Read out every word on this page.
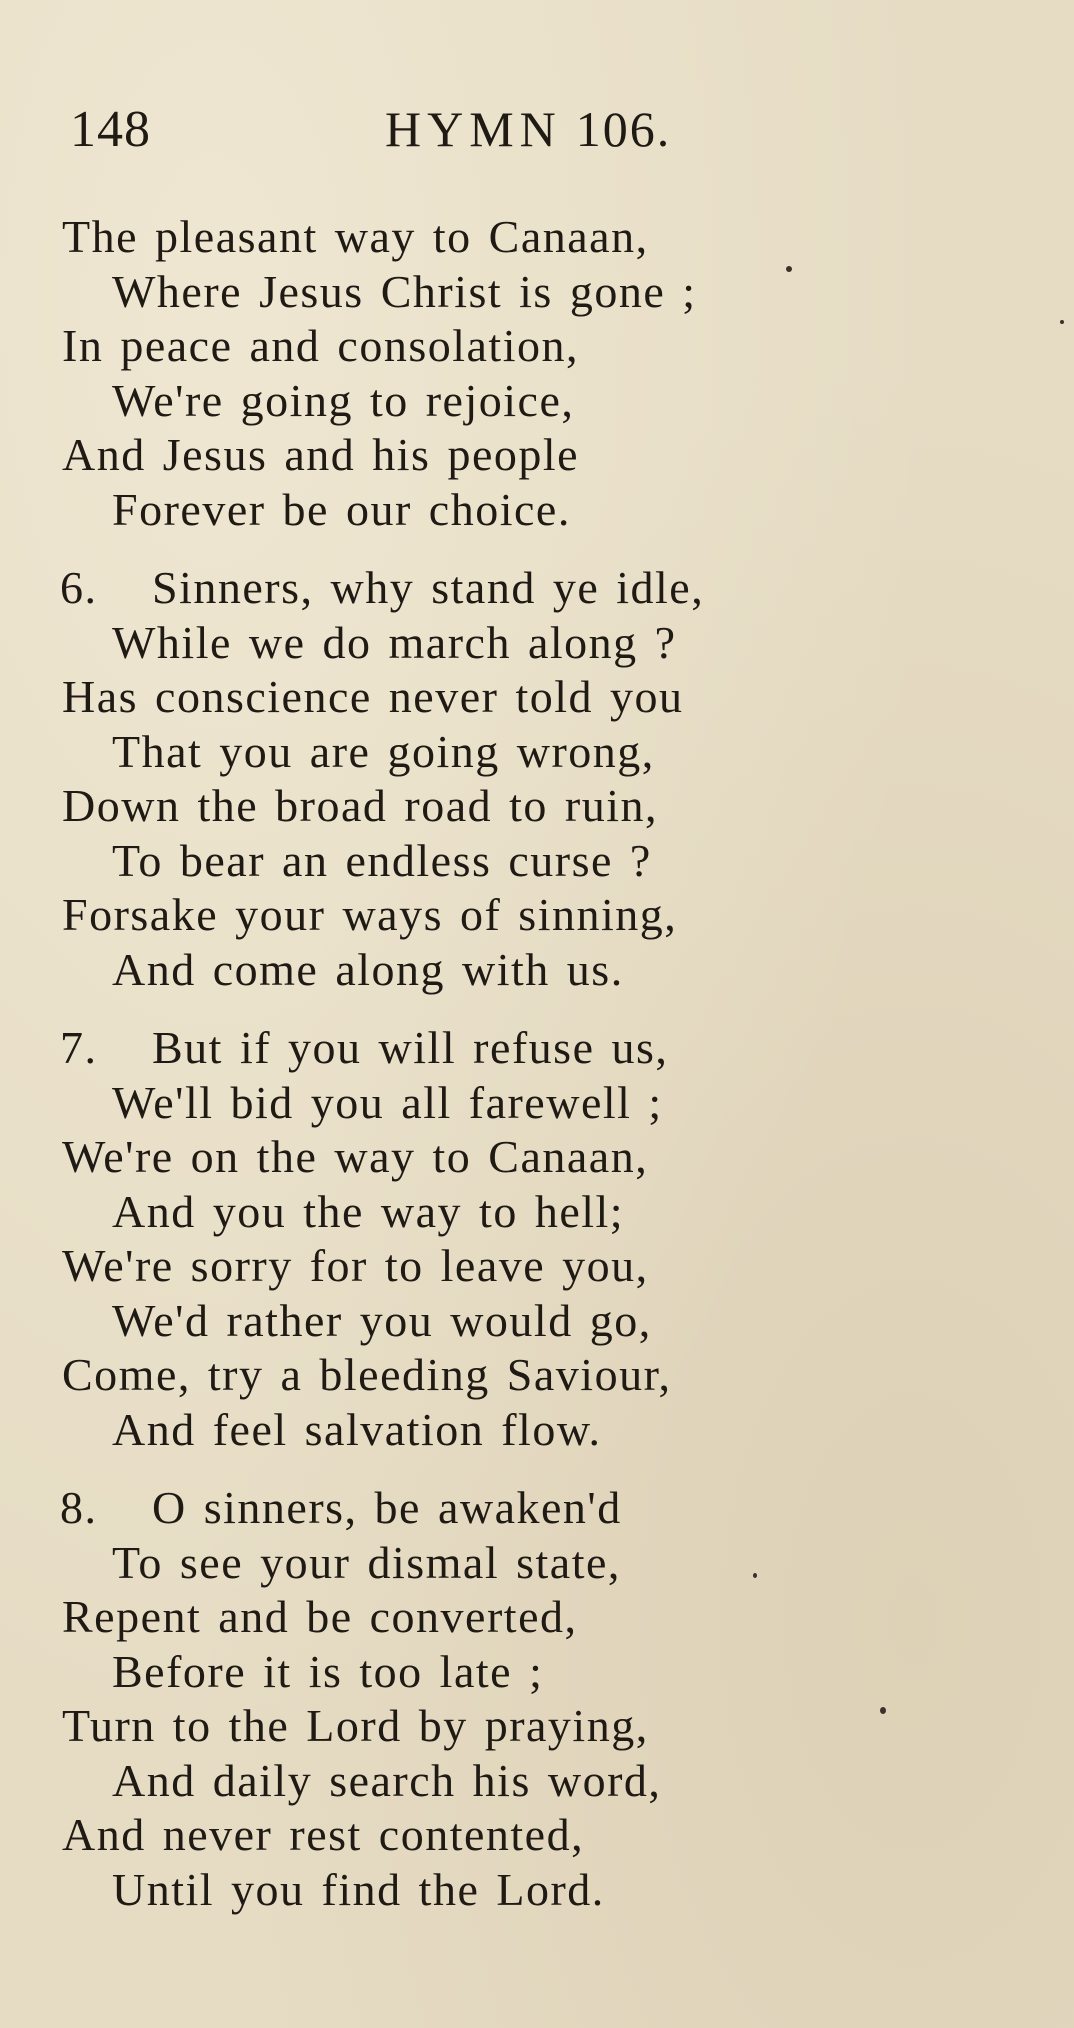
148	HYMN 106.
The pleasant way to Canaan,
Where Jesus Christ is gone ;
In peace and consolation,
We're going to rejoice,
And Jesus and his people
Forever be our choice.
6. Sinners, why stand ye idle,
While we do march along ?
Has conscience never told you
That you are going wrong,
Down the broad road to ruin,
To bear an endless curse ?
Forsake your ways of sinning,
And come along with us.
7. But if you will refuse us,
We'll bid you all farewell ;
We're on the way to Canaan,
And you the way to hell;
We're sorry for to leave you,
We'd rather you would go,
Come, try a bleeding Saviour,
And feel salvation flow.
8. O sinners, be awaken'd
To see your dismal state,
Repent and be converted,
Before it is too late ;
Turn to the Lord by praying,
And daily search his word,
And never rest contented,
Until you find the Lord.
